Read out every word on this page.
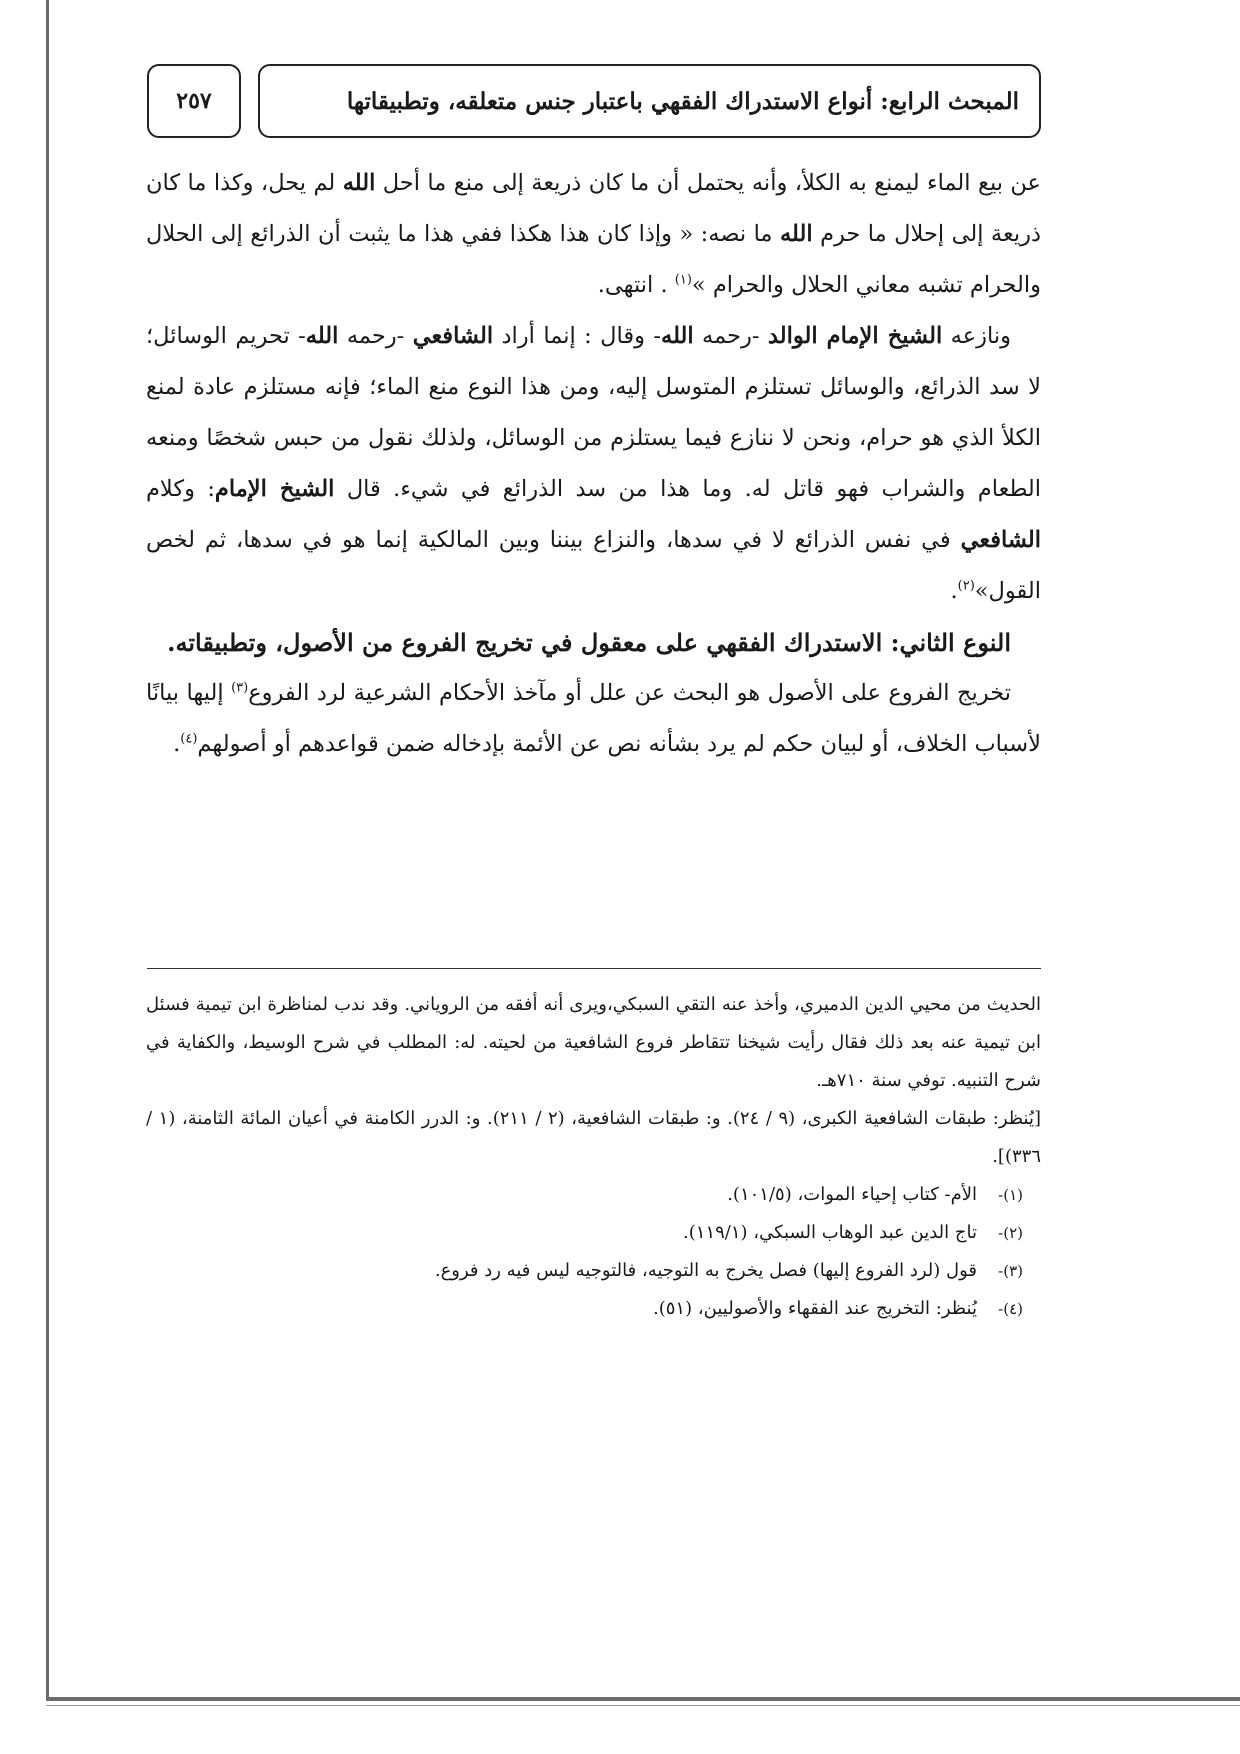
٢٥٧	المبحث الرابع: أنواع الاستدراك الفقهي باعتبار جنس متعلقه، وتطبيقاتها

عن بيع الماء ليمنع به الكلأ، وأنه يحتمل أن ما كان ذريعة إلى منع ما أحل الله لم يحل، وكذا ما كان ذريعة إلى إحلال ما حرم الله ما نصه: « وإذا كان هذا هكذا ففي هذا ما يثبت أن الذرائع إلى الحلال والحرام تشبه معاني الحلال والحرام »$^{(١)}$ . انتهى.

ونازعه الشيخ الإمام الوالد -رحمه الله- وقال : إنما أراد الشافعي -رحمه الله- تحريم الوسائل؛ لا سد الذرائع، والوسائل تستلزم المتوسل إليه، ومن هذا النوع منع الماء؛ فإنه مستلزم عادة لمنع الكلأ الذي هو حرام، ونحن لا ننازع فيما يستلزم من الوسائل، ولذلك نقول من حبس شخصًا ومنعه الطعام والشراب فهو قاتل له. وما هذا من سد الذرائع في شيء. قال الشيخ الإمام: وكلام الشافعي في نفس الذرائع لا في سدها، والنزاع بيننا وبين المالكية إنما هو في سدها، ثم لخص القول»$^{(٢)}$.

النوع الثاني: الاستدراك الفقهي على معقول في تخريج الفروع من الأصول، وتطبيقاته.

تخريج الفروع على الأصول هو البحث عن علل أو مآخذ الأحكام الشرعية لرد الفروع$^{(٣)}$ إليها بيانًا لأسباب الخلاف، أو لبيان حكم لم يرد بشأنه نص عن الأئمة بإدخاله ضمن قواعدهم أو أصولهم$^{(٤)}$.

الحديث من محيي الدين الدميري، وأخذ عنه التقي السبكي،ويرى أنه أفقه من الروياني. وقد ندب لمناظرة ابن تيمية فسئل ابن تيمية عنه بعد ذلك فقال رأيت شيخنا تتقاطر فروع الشافعية من لحيته. له: المطلب في شرح الوسيط، والكفاية في شرح التنبيه. توفي سنة ٧١٠هـ.

[يُنظر: طبقات الشافعية الكبرى، (٩ / ٢٤). و: طبقات الشافعية، (٢ / ٢١١). و: الدرر الكامنة في أعيان المائة الثامنة، (١ / ٣٣٦)].

(١)-
الأم- كتاب إحياء الموات، (١٠١/٥).
(٢)-
تاج الدين عبد الوهاب السبكي، (١١٩/١).
(٣)-
قول (لرد الفروع إليها) فصل يخرج به التوجيه، فالتوجيه ليس فيه رد فروع.
(٤)-
يُنظر: التخريج عند الفقهاء والأصوليين، (٥١).
